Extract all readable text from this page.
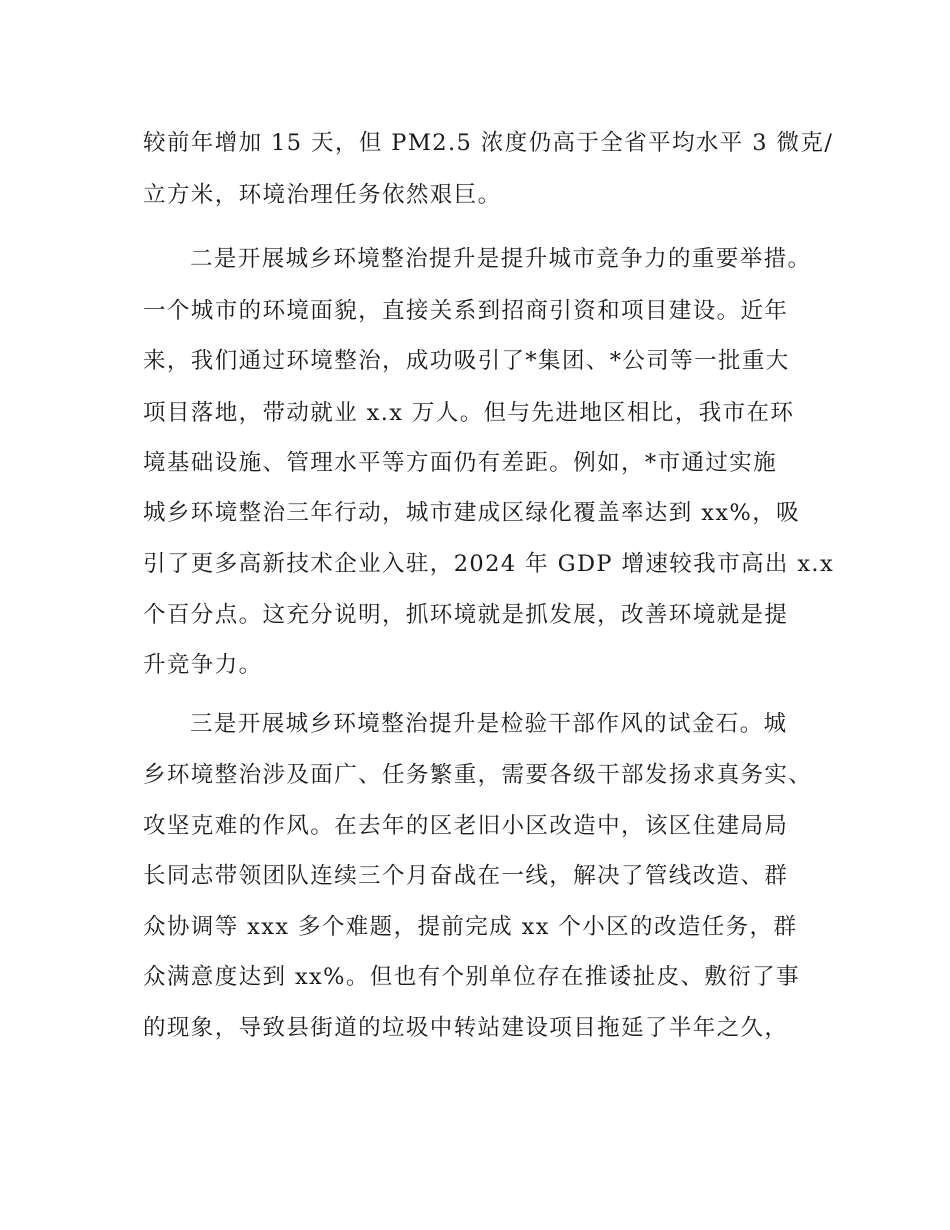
较前年增加 15 天，但 PM2.5 浓度仍高于全省平均水平 3 微克/
立方米，环境治理任务依然艰巨。
二是开展城乡环境整治提升是提升城市竞争力的重要举措。
一个城市的环境面貌，直接关系到招商引资和项目建设。近年
来，我们通过环境整治，成功吸引了*集团、*公司等一批重大
项目落地，带动就业 x.x 万人。但与先进地区相比，我市在环
境基础设施、管理水平等方面仍有差距。例如，*市通过实施
城乡环境整治三年行动，城市建成区绿化覆盖率达到 xx%，吸
引了更多高新技术企业入驻，2024 年 GDP 增速较我市高出 x.x
个百分点。这充分说明，抓环境就是抓发展，改善环境就是提
升竞争力。
三是开展城乡环境整治提升是检验干部作风的试金石。城
乡环境整治涉及面广、任务繁重，需要各级干部发扬求真务实、
攻坚克难的作风。在去年的区老旧小区改造中，该区住建局局
长同志带领团队连续三个月奋战在一线，解决了管线改造、群
众协调等 xxx 多个难题，提前完成 xx 个小区的改造任务，群
众满意度达到 xx%。但也有个别单位存在推诿扯皮、敷衍了事
的现象，导致县街道的垃圾中转站建设项目拖延了半年之久，
